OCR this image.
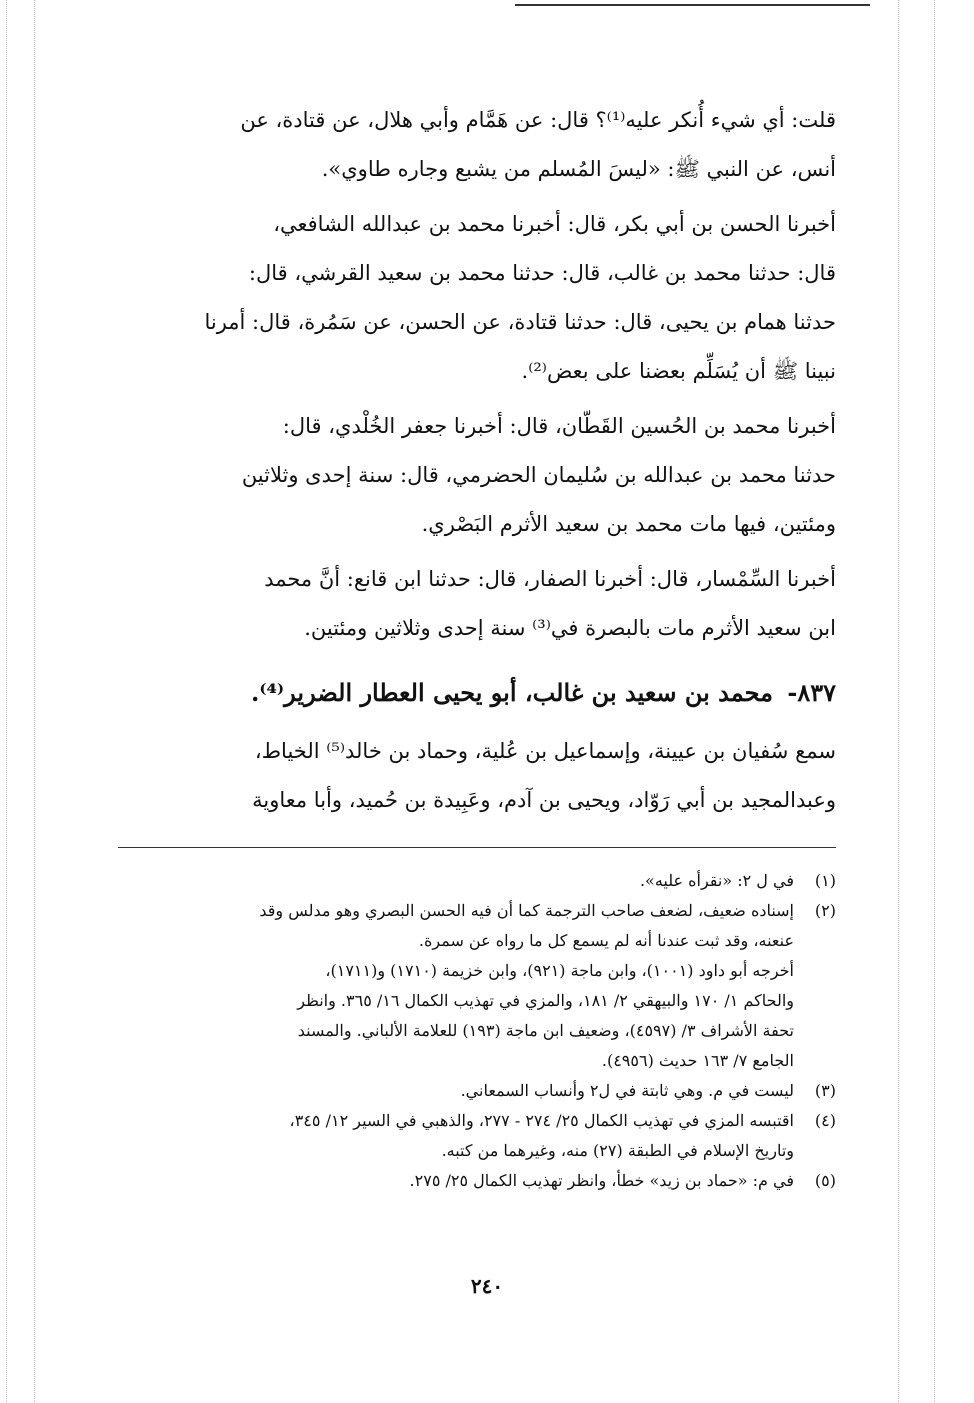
قلت: أي شيء أُنكر عليه⁽¹⁾؟ قال: عن هَمَّام وأبي هلال، عن قتادة، عن
أنس، عن النبي ﷺ: «ليسَ المُسلم من يشبع وجاره طاوي».

أخبرنا الحسن بن أبي بكر، قال: أخبرنا محمد بن عبدالله الشافعي،
قال: حدثنا محمد بن غالب، قال: حدثنا محمد بن سعيد القرشي، قال:
حدثنا همام بن يحيى، قال: حدثنا قتادة، عن الحسن، عن سَمُرة، قال: أمرنا
نبينا ﷺ أن يُسَلِّم بعضنا على بعض⁽²⁾.

أخبرنا محمد بن الحُسين القَطّان، قال: أخبرنا جعفر الخُلْدي، قال:
حدثنا محمد بن عبدالله بن سُليمان الحضرمي، قال: سنة إحدى وثلاثين
ومئتين، فيها مات محمد بن سعيد الأثرم البَصْري.

أخبرنا السِّمْسار، قال: أخبرنا الصفار، قال: حدثنا ابن قانع: أنَّ محمد
ابن سعيد الأثرم مات بالبصرة في⁽³⁾ سنة إحدى وثلاثين ومئتين.

٨٣٧- محمد بن سعيد بن غالب، أبو يحيى العطار الضرير⁽⁴⁾.

سمع سُفيان بن عيينة، وإسماعيل بن عُلية، وحماد بن خالد⁽⁵⁾ الخياط،
وعبدالمجيد بن أبي رَوّاد، ويحيى بن آدم، وعَبِيدة بن حُميد، وأبا معاوية

(١)
في ل ٢: «نقرأه عليه».
(٢)
إسناده ضعيف، لضعف صاحب الترجمة كما أن فيه الحسن البصري وهو مدلس وقد
عنعنه، وقد ثبت عندنا أنه لم يسمع كل ما رواه عن سمرة.
أخرجه أبو داود (١٠٠١)، وابن ماجة (٩٢١)، وابن خزيمة (١٧١٠) و(١٧١١)،
والحاكم ١/ ١٧٠ والبيهقي ٢/ ١٨١، والمزي في تهذيب الكمال ١٦/ ٣٦٥. وانظر
تحفة الأشراف ٣/ (٤٥٩٧)، وضعيف ابن ماجة (١٩٣) للعلامة الألباني. والمسند
الجامع ٧/ ١٦٣ حديث (٤٩٥٦).
(٣)
ليست في م. وهي ثابتة في ل٢ وأنساب السمعاني.
(٤)
اقتبسه المزي في تهذيب الكمال ٢٥/ ٢٧٤ - ٢٧٧، والذهبي في السير ١٢/ ٣٤٥،
وتاريخ الإسلام في الطبقة (٢٧) منه، وغيرهما من كتبه.
(٥)
في م: «حماد بن زيد» خطأ، وانظر تهذيب الكمال ٢٥/ ٢٧٥.
٢٤٠
